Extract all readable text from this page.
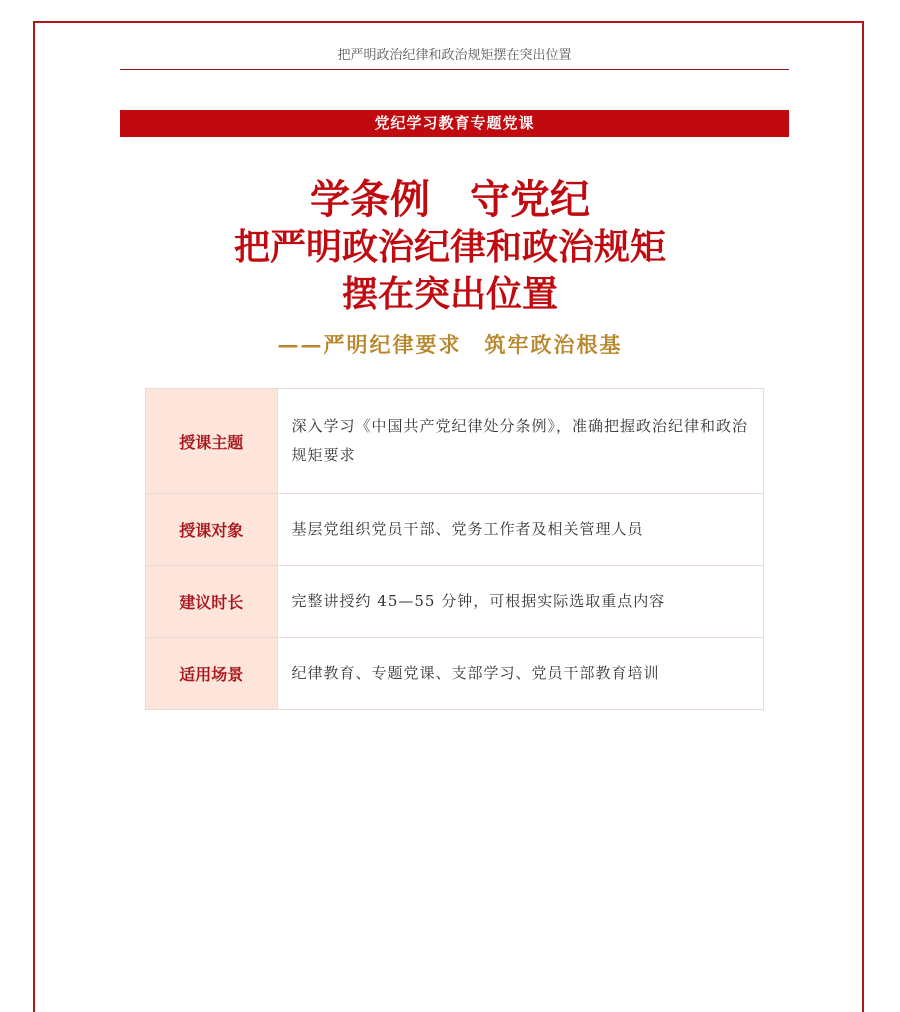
把严明政治纪律和政治规矩摆在突出位置
党纪学习教育专题党课
学条例 守党纪
把严明政治纪律和政治规矩
摆在突出位置
——严明纪律要求　筑牢政治根基
授课主题	深入学习《中国共产党纪律处分条例》，准确把握政治纪律和政治规矩要求
授课对象	基层党组织党员干部、党务工作者及相关管理人员
建议时长	完整讲授约 45—55 分钟，可根据实际选取重点内容
适用场景	纪律教育、专题党课、支部学习、党员干部教育培训
